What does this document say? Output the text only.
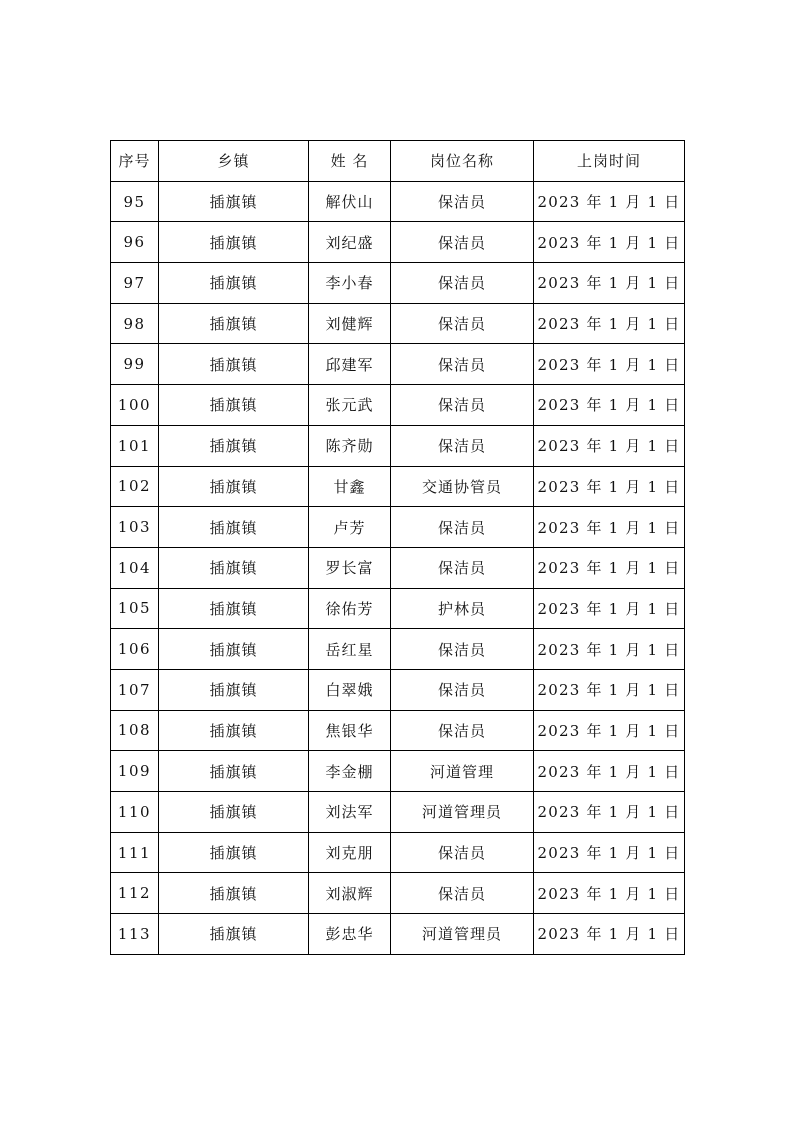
序号	乡镇	姓 名	岗位名称	上岗时间
95	插旗镇	解伏山	保洁员	2023 年 1 月 1 日
96	插旗镇	刘纪盛	保洁员	2023 年 1 月 1 日
97	插旗镇	李小春	保洁员	2023 年 1 月 1 日
98	插旗镇	刘健辉	保洁员	2023 年 1 月 1 日
99	插旗镇	邱建军	保洁员	2023 年 1 月 1 日
100	插旗镇	张元武	保洁员	2023 年 1 月 1 日
101	插旗镇	陈齐勋	保洁员	2023 年 1 月 1 日
102	插旗镇	甘鑫	交通协管员	2023 年 1 月 1 日
103	插旗镇	卢芳	保洁员	2023 年 1 月 1 日
104	插旗镇	罗长富	保洁员	2023 年 1 月 1 日
105	插旗镇	徐佑芳	护林员	2023 年 1 月 1 日
106	插旗镇	岳红星	保洁员	2023 年 1 月 1 日
107	插旗镇	白翠娥	保洁员	2023 年 1 月 1 日
108	插旗镇	焦银华	保洁员	2023 年 1 月 1 日
109	插旗镇	李金棚	河道管理	2023 年 1 月 1 日
110	插旗镇	刘法军	河道管理员	2023 年 1 月 1 日
111	插旗镇	刘克朋	保洁员	2023 年 1 月 1 日
112	插旗镇	刘淑辉	保洁员	2023 年 1 月 1 日
113	插旗镇	彭忠华	河道管理员	2023 年 1 月 1 日
